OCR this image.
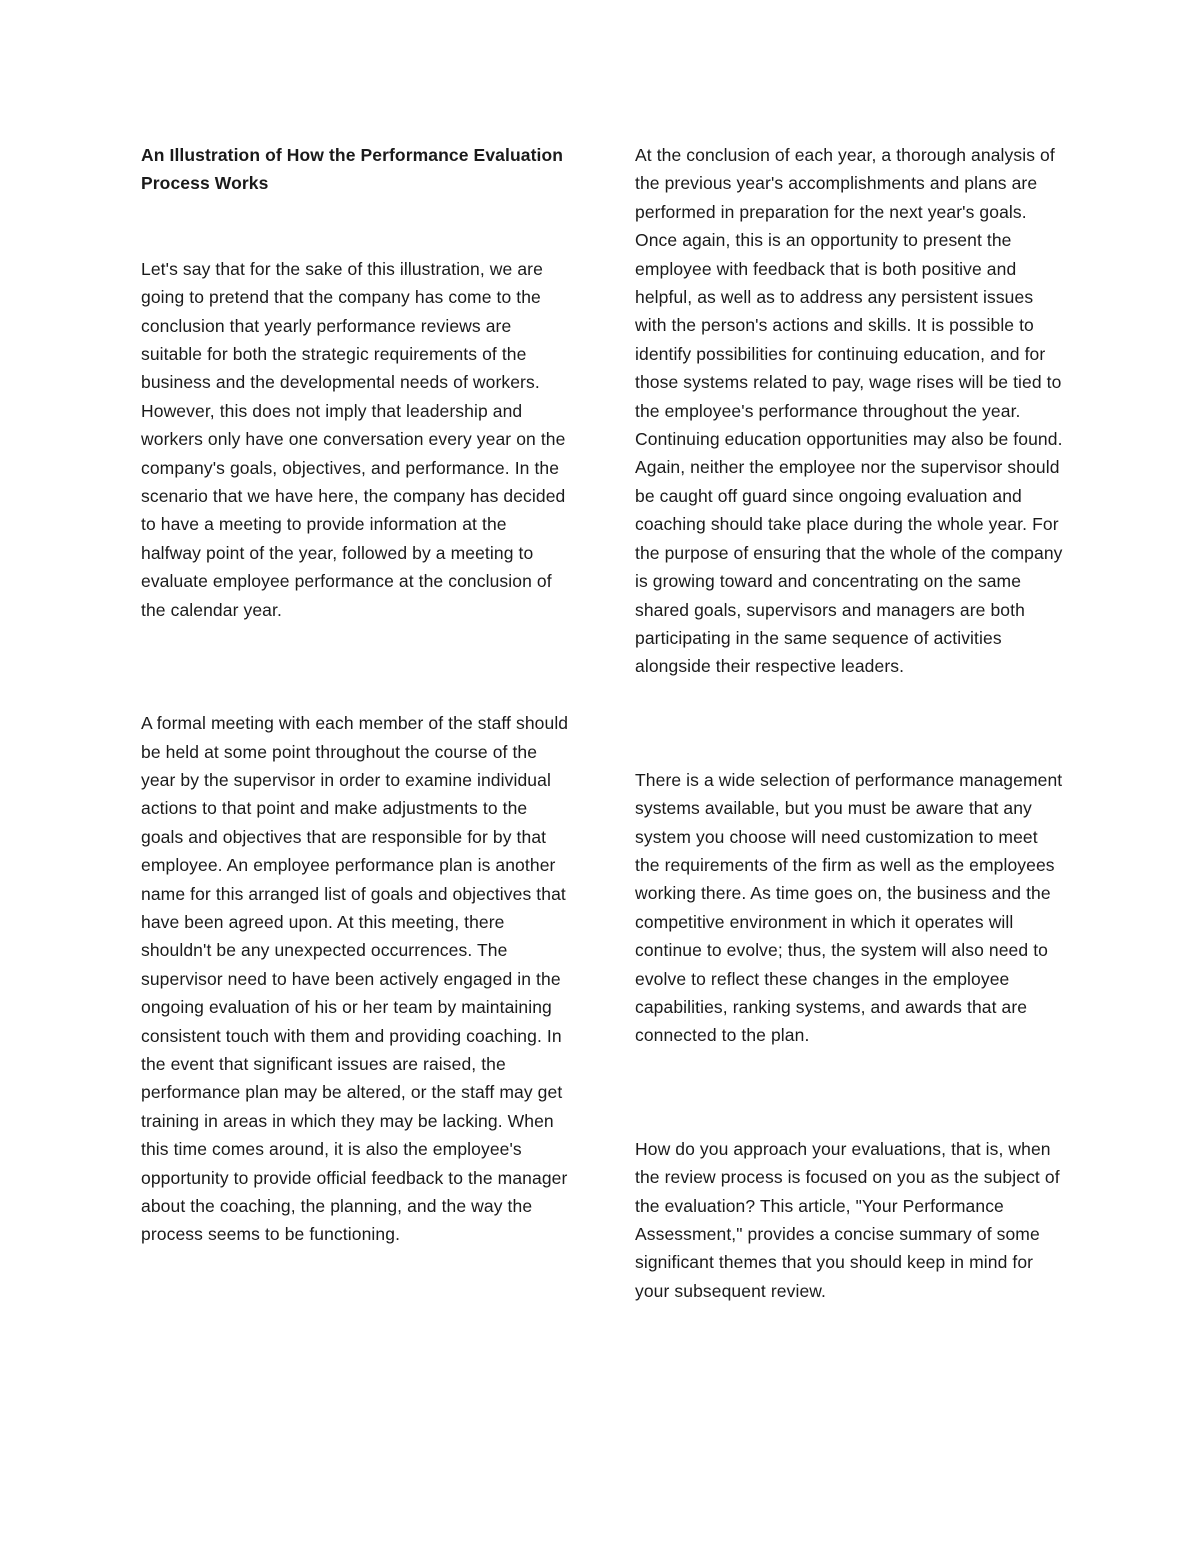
An Illustration of How the Performance Evaluation Process Works

Let's say that for the sake of this illustration, we are going to pretend that the company has come to the conclusion that yearly performance reviews are suitable for both the strategic requirements of the business and the developmental needs of workers. However, this does not imply that leadership and workers only have one conversation every year on the company's goals, objectives, and performance. In the scenario that we have here, the company has decided to have a meeting to provide information at the halfway point of the year, followed by a meeting to evaluate employee performance at the conclusion of the calendar year.

A formal meeting with each member of the staff should be held at some point throughout the course of the year by the supervisor in order to examine individual actions to that point and make adjustments to the goals and objectives that are responsible for by that employee. An employee performance plan is another name for this arranged list of goals and objectives that have been agreed upon. At this meeting, there shouldn't be any unexpected occurrences. The supervisor need to have been actively engaged in the ongoing evaluation of his or her team by maintaining consistent touch with them and providing coaching. In the event that significant issues are raised, the performance plan may be altered, or the staff may get training in areas in which they may be lacking. When this time comes around, it is also the employee's opportunity to provide official feedback to the manager about the coaching, the planning, and the way the process seems to be functioning.

At the conclusion of each year, a thorough analysis of the previous year's accomplishments and plans are performed in preparation for the next year's goals. Once again, this is an opportunity to present the employee with feedback that is both positive and helpful, as well as to address any persistent issues with the person's actions and skills. It is possible to identify possibilities for continuing education, and for those systems related to pay, wage rises will be tied to the employee's performance throughout the year. Continuing education opportunities may also be found. Again, neither the employee nor the supervisor should be caught off guard since ongoing evaluation and coaching should take place during the whole year. For the purpose of ensuring that the whole of the company is growing toward and concentrating on the same shared goals, supervisors and managers are both participating in the same sequence of activities alongside their respective leaders.

There is a wide selection of performance management systems available, but you must be aware that any system you choose will need customization to meet the requirements of the firm as well as the employees working there. As time goes on, the business and the competitive environment in which it operates will continue to evolve; thus, the system will also need to evolve to reflect these changes in the employee capabilities, ranking systems, and awards that are connected to the plan.

How do you approach your evaluations, that is, when the review process is focused on you as the subject of the evaluation? This article, "Your Performance Assessment," provides a concise summary of some significant themes that you should keep in mind for your subsequent review.
